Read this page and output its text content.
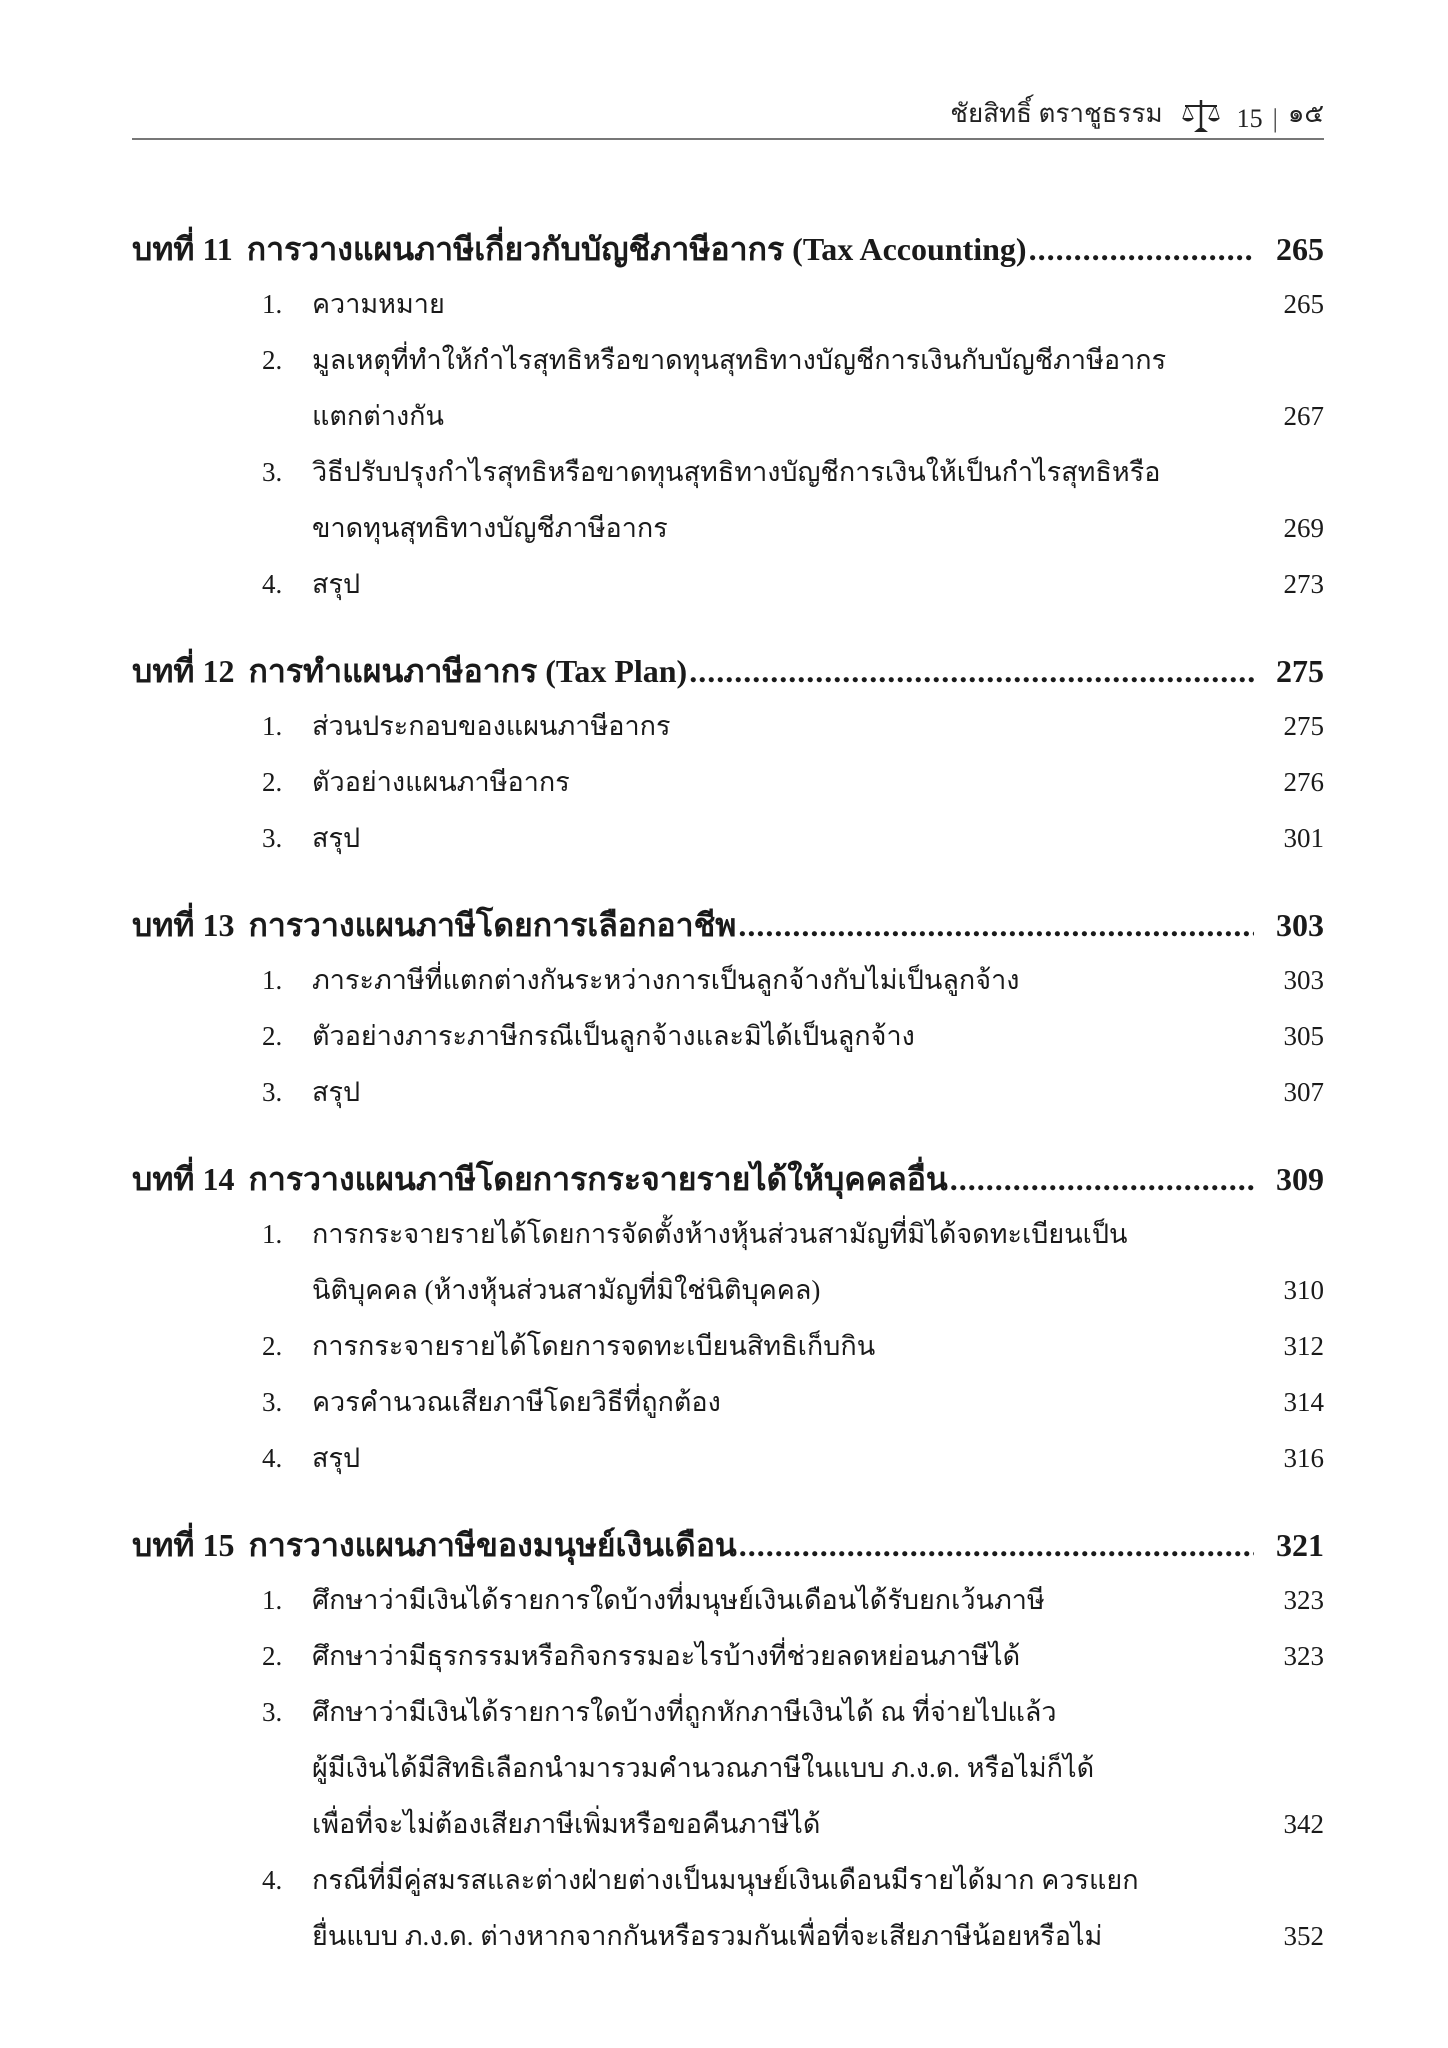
ชัยสิทธิ์ ตราชูธรรม	15 | ๑๕
บทที่ 11 การวางแผนภาษีเกี่ยวกับบัญชีภาษีอากร (Tax Accounting) .....	265
1.	ความหมาย	265
2.	มูลเหตุที่ทำให้กำไรสุทธิหรือขาดทุนสุทธิทางบัญชีการเงินกับบัญชีภาษีอากร
แตกต่างกัน	267
3.	วิธีปรับปรุงกำไรสุทธิหรือขาดทุนสุทธิทางบัญชีการเงินให้เป็นกำไรสุทธิหรือ
ขาดทุนสุทธิทางบัญชีภาษีอากร	269
4.	สรุป	273
บทที่ 12 การทำแผนภาษีอากร (Tax Plan) .....	275
1.	ส่วนประกอบของแผนภาษีอากร	275
2.	ตัวอย่างแผนภาษีอากร	276
3.	สรุป	301
บทที่ 13 การวางแผนภาษีโดยการเลือกอาชีพ .....	303
1.	ภาระภาษีที่แตกต่างกันระหว่างการเป็นลูกจ้างกับไม่เป็นลูกจ้าง	303
2.	ตัวอย่างภาระภาษีกรณีเป็นลูกจ้างและมิได้เป็นลูกจ้าง	305
3.	สรุป	307
บทที่ 14 การวางแผนภาษีโดยการกระจายรายได้ให้บุคคลอื่น .....	309
1.	การกระจายรายได้โดยการจัดตั้งห้างหุ้นส่วนสามัญที่มิได้จดทะเบียนเป็น
นิติบุคคล (ห้างหุ้นส่วนสามัญที่มิใช่นิติบุคคล)	310
2.	การกระจายรายได้โดยการจดทะเบียนสิทธิเก็บกิน	312
3.	ควรคำนวณเสียภาษีโดยวิธีที่ถูกต้อง	314
4.	สรุป	316
บทที่ 15 การวางแผนภาษีของมนุษย์เงินเดือน .....	321
1.	ศึกษาว่ามีเงินได้รายการใดบ้างที่มนุษย์เงินเดือนได้รับยกเว้นภาษี	323
2.	ศึกษาว่ามีธุรกรรมหรือกิจกรรมอะไรบ้างที่ช่วยลดหย่อนภาษีได้	323
3.	ศึกษาว่ามีเงินได้รายการใดบ้างที่ถูกหักภาษีเงินได้ ณ ที่จ่ายไปแล้ว
ผู้มีเงินได้มีสิทธิเลือกนำมารวมคำนวณภาษีในแบบ ภ.ง.ด. หรือไม่ก็ได้
เพื่อที่จะไม่ต้องเสียภาษีเพิ่มหรือขอคืนภาษีได้	342
4.	กรณีที่มีคู่สมรสและต่างฝ่ายต่างเป็นมนุษย์เงินเดือนมีรายได้มาก ควรแยก
ยื่นแบบ ภ.ง.ด. ต่างหากจากกันหรือรวมกันเพื่อที่จะเสียภาษีน้อยหรือไม่	352
